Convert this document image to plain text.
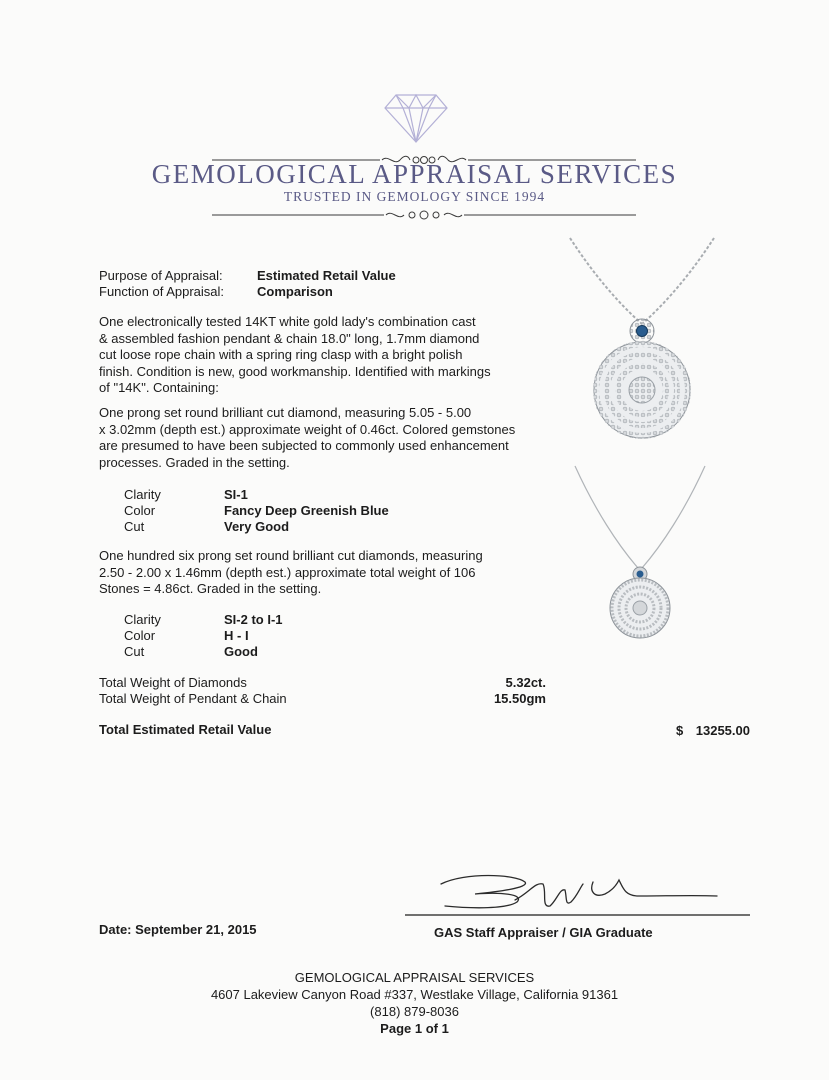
GEMOLOGICAL APPRAISAL SERVICES
TRUSTED IN GEMOLOGY SINCE 1994
Purpose of Appraisal:	Estimated Retail Value
Function of Appraisal:	Comparison
One electronically tested 14KT white gold lady's combination cast
& assembled fashion pendant & chain 18.0" long, 1.7mm diamond
cut loose rope chain with a spring ring clasp with a bright polish
finish. Condition is new, good workmanship. Identified with markings
of "14K". Containing:
One prong set round brilliant cut diamond, measuring 5.05 - 5.00
x 3.02mm (depth est.) approximate weight of 0.46ct. Colored gemstones
are presumed to have been subjected to commonly used enhancement
processes. Graded in the setting.
Clarity	SI-1
Color	Fancy Deep Greenish Blue
Cut	Very Good
One hundred six prong set round brilliant cut diamonds, measuring
2.50 - 2.00 x 1.46mm (depth est.) approximate total weight of 106
Stones = 4.86ct. Graded in the setting.
Clarity	SI-2 to I-1
Color	H - I
Cut	Good
Total Weight of Diamonds	5.32ct.
Total Weight of Pendant & Chain	15.50gm
Total Estimated Retail Value	$ 13255.00
Date: September 21, 2015	GAS Staff Appraiser / GIA Graduate
GEMOLOGICAL APPRAISAL SERVICES
4607 Lakeview Canyon Road #337, Westlake Village, California 91361
(818) 879-8036
Page 1 of 1
